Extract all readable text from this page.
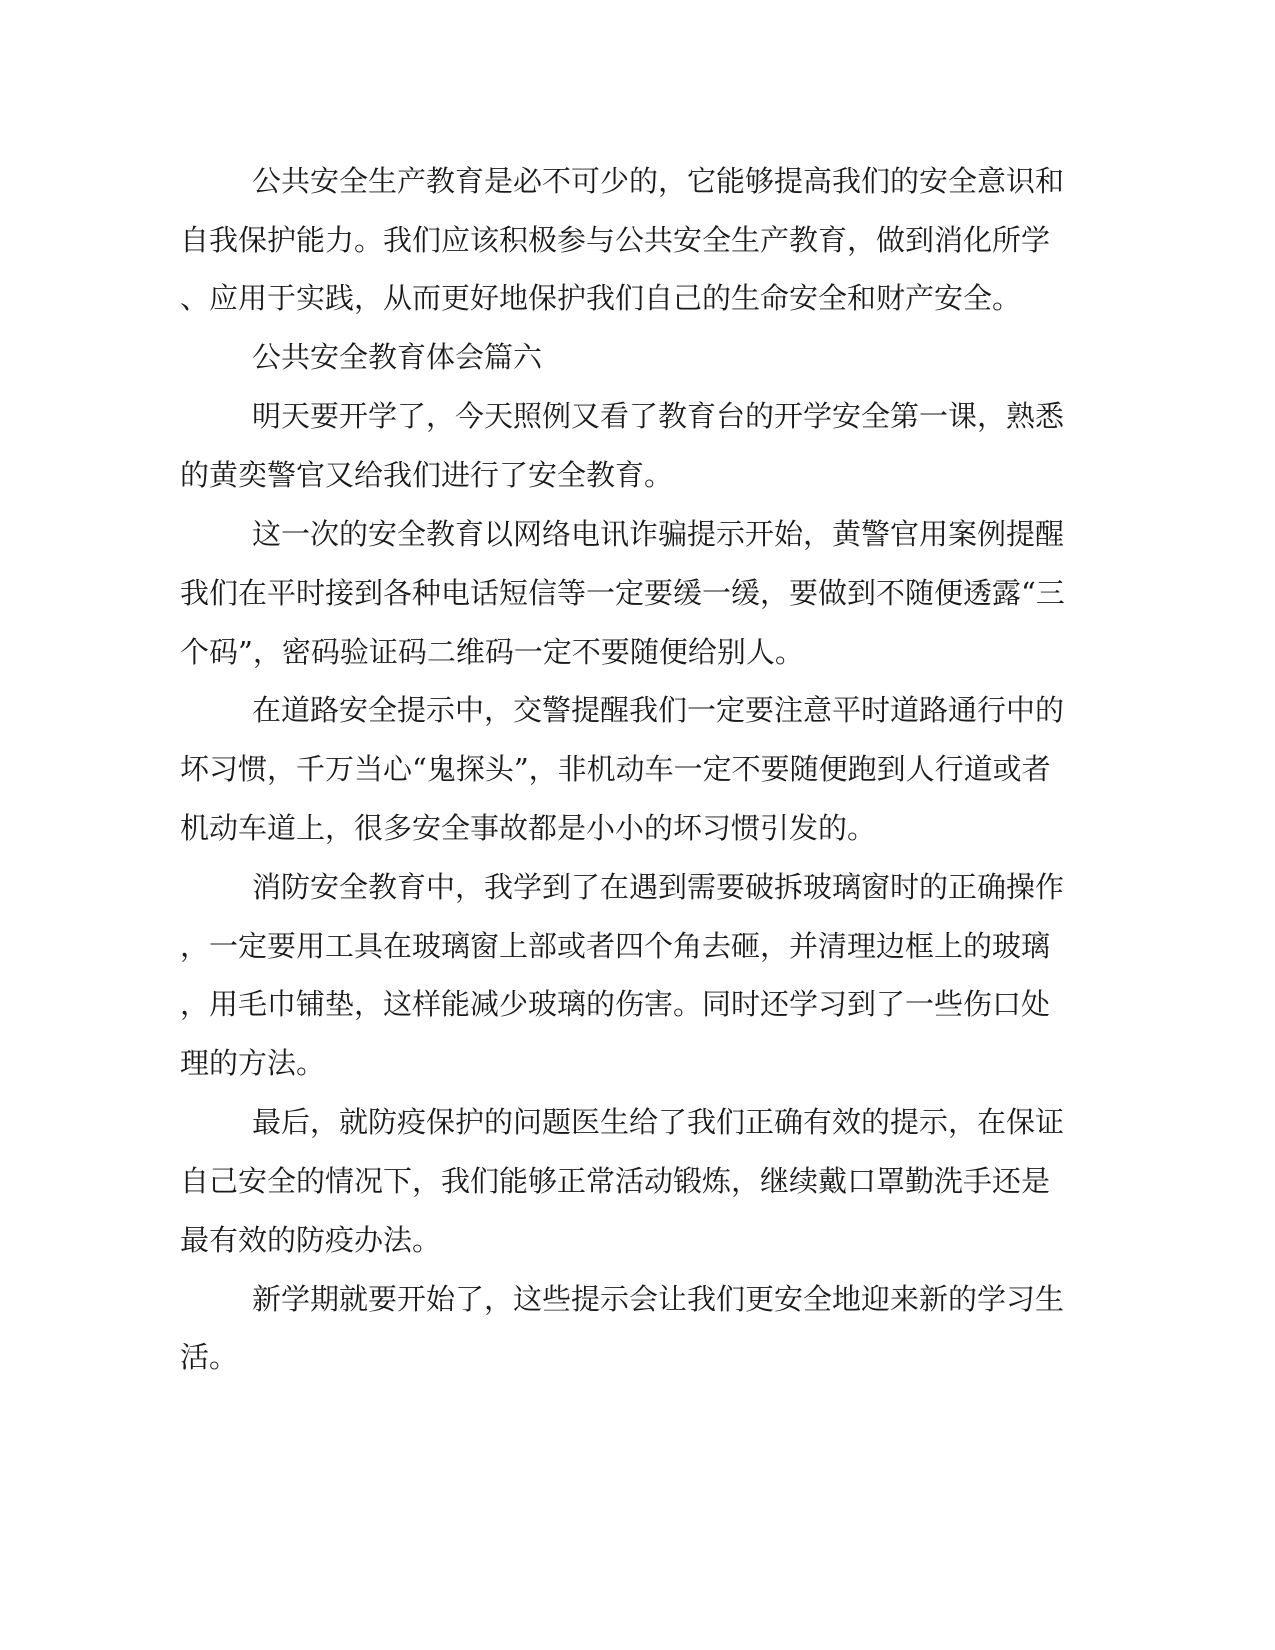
公共安全生产教育是必不可少的，它能够提高我们的安全意识和

自我保护能力。我们应该积极参与公共安全生产教育，做到消化所学

、应用于实践，从而更好地保护我们自己的生命安全和财产安全。

公共安全教育体会篇六

明天要开学了，今天照例又看了教育台的开学安全第一课，熟悉

的黄奕警官又给我们进行了安全教育。

这一次的安全教育以网络电讯诈骗提示开始，黄警官用案例提醒

我们在平时接到各种电话短信等一定要缓一缓，要做到不随便透露“三

个码”，密码验证码二维码一定不要随便给别人。

在道路安全提示中，交警提醒我们一定要注意平时道路通行中的

坏习惯，千万当心“鬼探头”，非机动车一定不要随便跑到人行道或者

机动车道上，很多安全事故都是小小的坏习惯引发的。

消防安全教育中，我学到了在遇到需要破拆玻璃窗时的正确操作

，一定要用工具在玻璃窗上部或者四个角去砸，并清理边框上的玻璃

，用毛巾铺垫，这样能减少玻璃的伤害。同时还学习到了一些伤口处

理的方法。

最后，就防疫保护的问题医生给了我们正确有效的提示，在保证

自己安全的情况下，我们能够正常活动锻炼，继续戴口罩勤洗手还是

最有效的防疫办法。

新学期就要开始了，这些提示会让我们更安全地迎来新的学习生

活。
